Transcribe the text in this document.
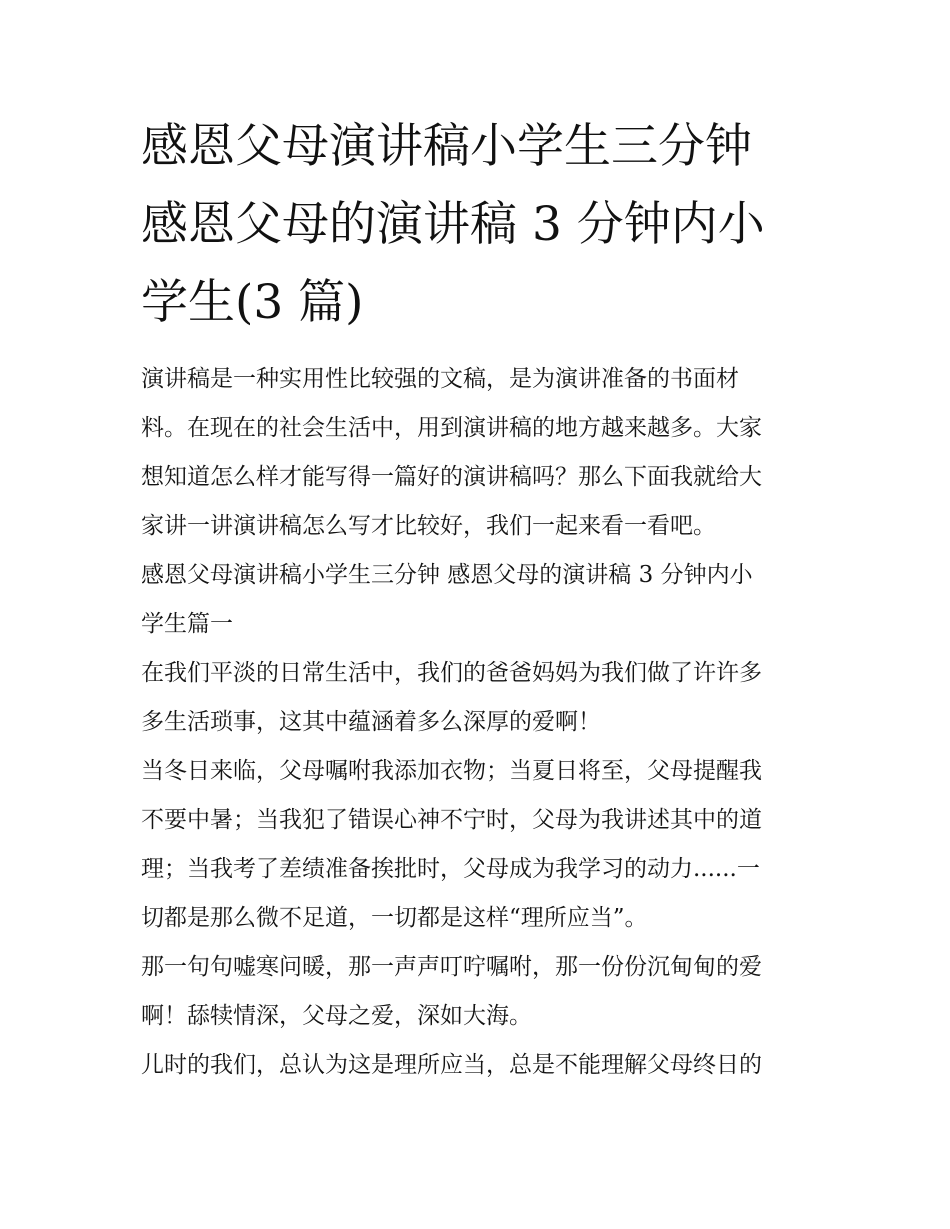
感恩父母演讲稿小学生三分钟
感恩父母的演讲稿 3 分钟内小
学生(3 篇)

演讲稿是一种实用性比较强的文稿，是为演讲准备的书面材
料。在现在的社会生活中，用到演讲稿的地方越来越多。大家
想知道怎么样才能写得一篇好的演讲稿吗？那么下面我就给大
家讲一讲演讲稿怎么写才比较好，我们一起来看一看吧。

感恩父母演讲稿小学生三分钟 感恩父母的演讲稿 3 分钟内小
学生篇一

在我们平淡的日常生活中，我们的爸爸妈妈为我们做了许许多
多生活琐事，这其中蕴涵着多么深厚的爱啊！

当冬日来临，父母嘱咐我添加衣物；当夏日将至，父母提醒我
不要中暑；当我犯了错误心神不宁时，父母为我讲述其中的道
理；当我考了差绩准备挨批时，父母成为我学习的动力......一
切都是那么微不足道，一切都是这样“理所应当”。

那一句句嘘寒问暖，那一声声叮咛嘱咐，那一份份沉甸甸的爱
啊！舔犊情深，父母之爱，深如大海。

儿时的我们，总认为这是理所应当，总是不能理解父母终日的
